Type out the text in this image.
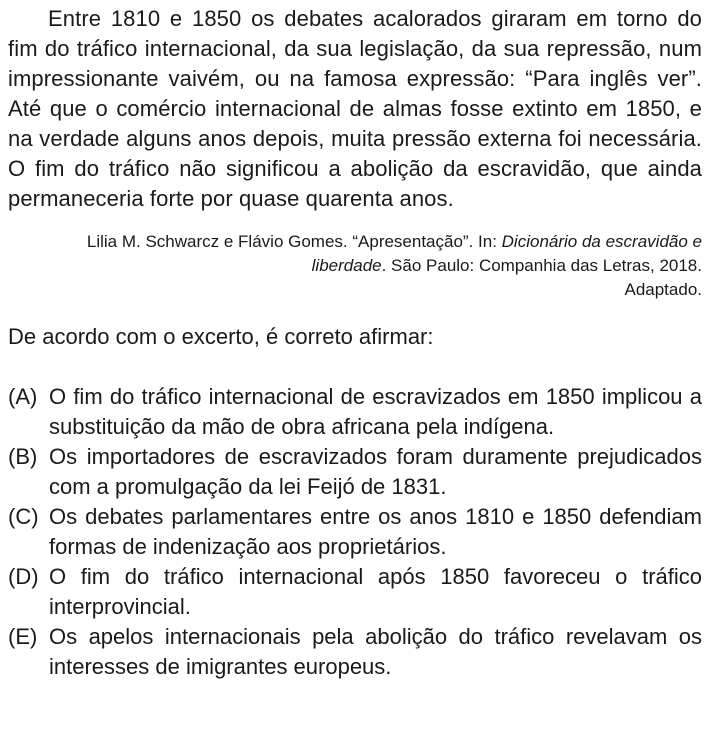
Entre 1810 e 1850 os debates acalorados giraram em torno do fim do tráfico internacional, da sua legislação, da sua repressão, num impressionante vaivém, ou na famosa expressão: “Para inglês ver”. Até que o comércio internacional de almas fosse extinto em 1850, e na verdade alguns anos depois, muita pressão externa foi necessária. O fim do tráfico não significou a abolição da escravidão, que ainda permaneceria forte por quase quarenta anos.

Lilia M. Schwarcz e Flávio Gomes. “Apresentação”. In: Dicionário da escravidão e liberdade. São Paulo: Companhia das Letras, 2018.
Adaptado.
De acordo com o excerto, é correto afirmar:
(A) O fim do tráfico internacional de escravizados em 1850 implicou a substituição da mão de obra africana pela indígena.
(B) Os importadores de escravizados foram duramente prejudicados com a promulgação da lei Feijó de 1831.
(C) Os debates parlamentares entre os anos 1810 e 1850 defendiam formas de indenização aos proprietários.
(D) O fim do tráfico internacional após 1850 favoreceu o tráfico interprovincial.
(E) Os apelos internacionais pela abolição do tráfico revelavam os interesses de imigrantes europeus.
